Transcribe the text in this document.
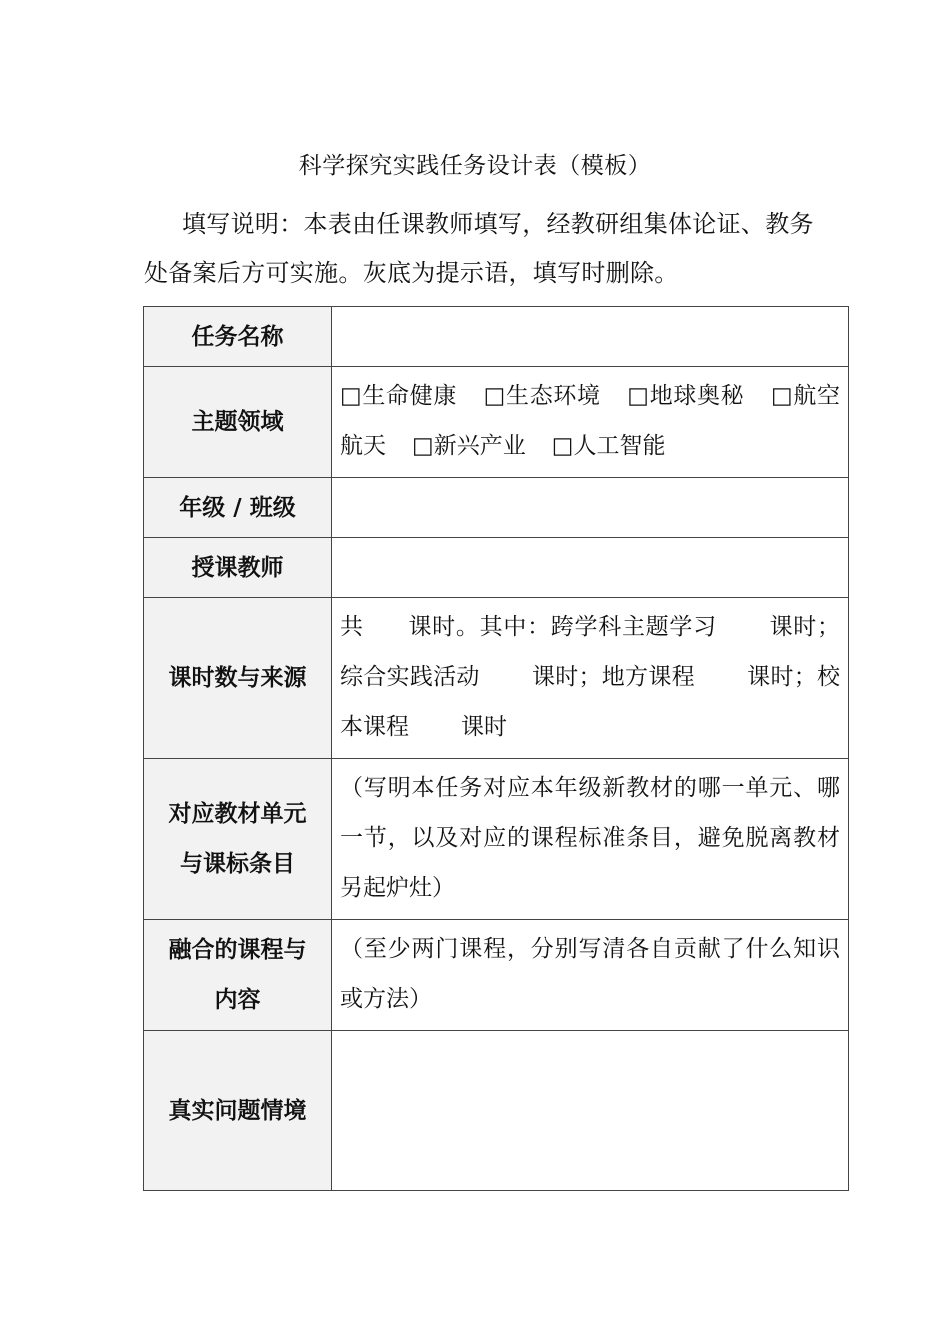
科学探究实践任务设计表（模板）
填写说明：本表由任课教师填写，经教研组集体论证、教务处备案后方可实施。灰底为提示语，填写时删除。
任务名称	
主题领域	□生命健康 □生态环境 □地球奥秘 □航空航天 □新兴产业 □人工智能
年级 / 班级	
授课教师	
课时数与来源	共 课时。其中：跨学科主题学习 课时；综合实践活动 课时；地方课程 课时；校本课程 课时
对应教材单元
与课标条目	（写明本任务对应本年级新教材的哪一单元、哪一节，以及对应的课程标准条目，避免脱离教材另起炉灶）
融合的课程与
内容	（至少两门课程，分别写清各自贡献了什么知识或方法）
真实问题情境	
